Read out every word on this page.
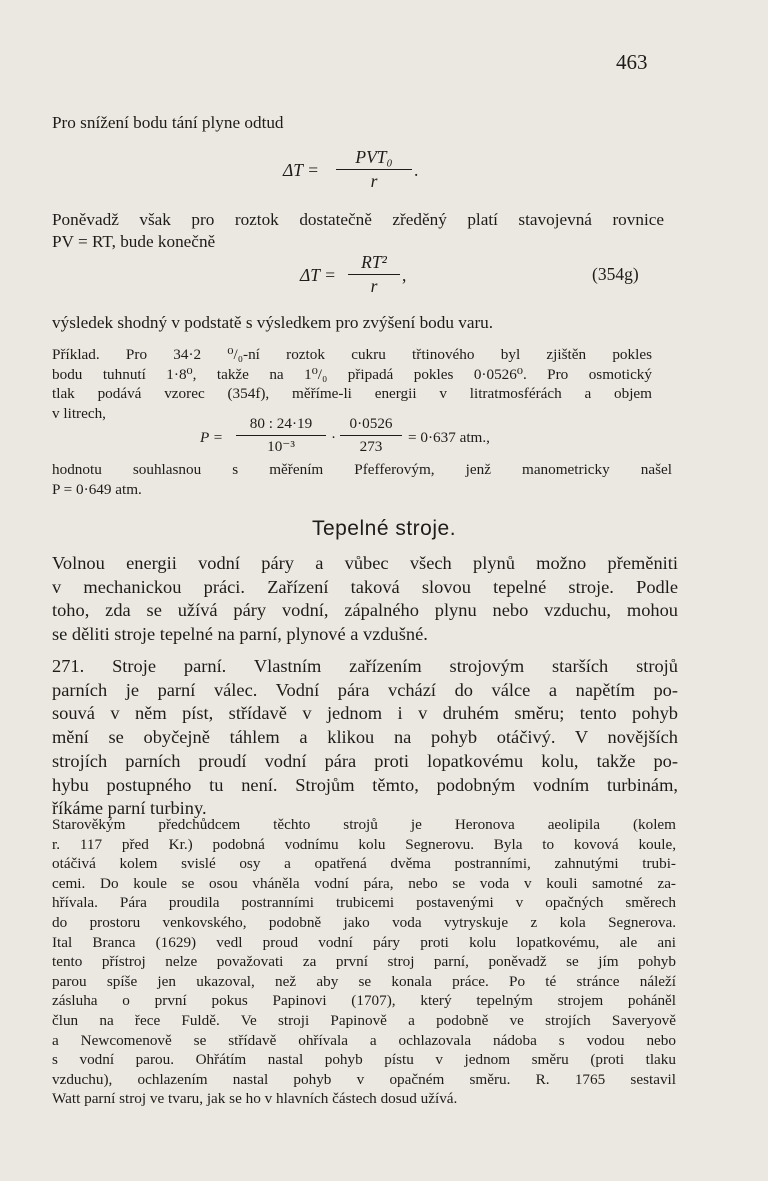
463
Pro snížení bodu tání plyne odtud
ΔT =
PVT₀
r
.
Poněvadž však pro roztok dostatečně zředěný platí stavojevná rovnice
PV = RT, bude konečně
ΔT =
RT²
r
,	(354g)
výsledek shodný v podstatě s výsledkem pro zvýšení bodu varu.
Příklad. Pro 34·2 ⁰/₀-ní roztok cukru třtinového byl zjištěn pokles
bodu tuhnutí 1·8⁰, takže na 1⁰/₀ připadá pokles 0·0526⁰. Pro osmotický
tlak podává vzorec (354f), měříme-li energii v litratmosférách a objem
v litrech,
P =
80 : 24·19
10⁻³	·
0·0526
273	= 0·637 atm.,
hodnotu souhlasnou s měřením Pfefferovým, jenž manometricky našel
P = 0·649 atm.
Tepelné stroje.
Volnou energii vodní páry a vůbec všech plynů možno přeměniti
v mechanickou práci. Zařízení taková slovou tepelné stroje. Podle
toho, zda se užívá páry vodní, zápalného plynu nebo vzduchu, mohou
se děliti stroje tepelné na parní, plynové a vzdušné.
271. Stroje parní. Vlastním zařízením strojovým starších strojů
parních je parní válec. Vodní pára vchází do válce a napětím po-
souvá v něm píst, střídavě v jednom i v druhém směru; tento pohyb
mění se obyčejně táhlem a klikou na pohyb otáčivý. V novějších
strojích parních proudí vodní pára proti lopatkovému kolu, takže po-
hybu postupného tu není. Strojům těmto, podobným vodním turbinám,
říkáme parní turbiny.
Starověkým předchůdcem těchto strojů je Heronova aeolipila (kolem
r. 117 před Kr.) podobná vodnímu kolu Segnerovu. Byla to kovová koule,
otáčivá kolem svislé osy a opatřená dvěma postranními, zahnutými trubi-
cemi. Do koule se osou vháněla vodní pára, nebo se voda v kouli samotné za-
hřívala. Pára proudila postranními trubicemi postavenými v opačných směrech
do prostoru venkovského, podobně jako voda vytryskuje z kola Segnerova.
Ital Branca (1629) vedl proud vodní páry proti kolu lopatkovému, ale ani
tento přístroj nelze považovati za první stroj parní, poněvadž se jím pohyb
parou spíše jen ukazoval, než aby se konala práce. Po té stránce náleží
zásluha o první pokus Papinovi (1707), který tepelným strojem poháněl
člun na řece Fuldě. Ve stroji Papinově a podobně ve strojích Saveryově
a Newcomenově se střídavě ohřívala a ochlazovala nádoba s vodou nebo
s vodní parou. Ohřátím nastal pohyb pístu v jednom směru (proti tlaku
vzduchu), ochlazením nastal pohyb v opačném směru. R. 1765 sestavil
Watt parní stroj ve tvaru, jak se ho v hlavních částech dosud užívá.
